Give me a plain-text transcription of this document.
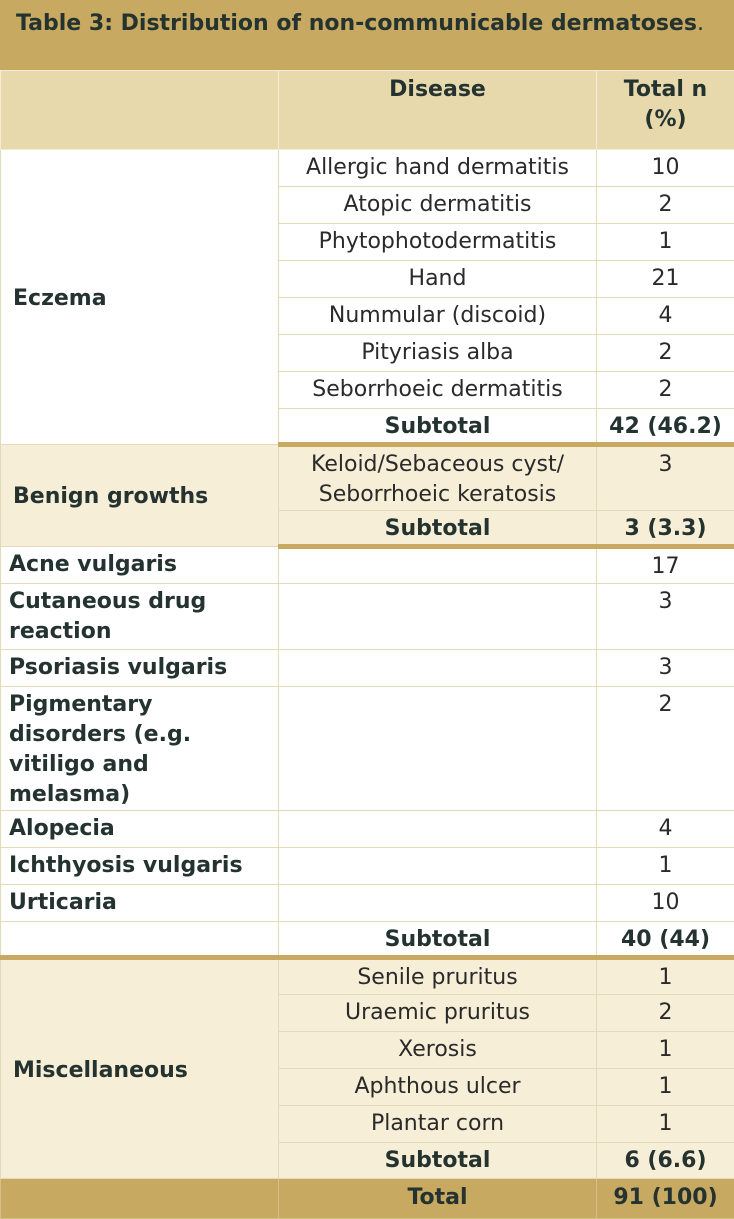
Table 3: Distribution of non-communicable dermatoses.
	Disease	Total n (%)
Eczema	Allergic hand dermatitis	10
	Atopic dermatitis	2
	Phytophotodermatitis	1
	Hand	21
	Nummular (discoid)	4
	Pityriasis alba	2
	Seborrhoeic dermatitis	2
	Subtotal	42 (46.2)
Benign growths	Keloid/Sebaceous cyst/ Seborrhoeic keratosis	3
	Subtotal	3 (3.3)
Acne vulgaris		17
Cutaneous drug reaction		3
Psoriasis vulgaris		3
Pigmentary disorders (e.g. vitiligo and melasma)		2
Alopecia		4
Ichthyosis vulgaris		1
Urticaria		10
	Subtotal	40 (44)
Miscellaneous	Senile pruritus	1
	Uraemic pruritus	2
	Xerosis	1
	Aphthous ulcer	1
	Plantar corn	1
	Subtotal	6 (6.6)
	Total	91 (100)
